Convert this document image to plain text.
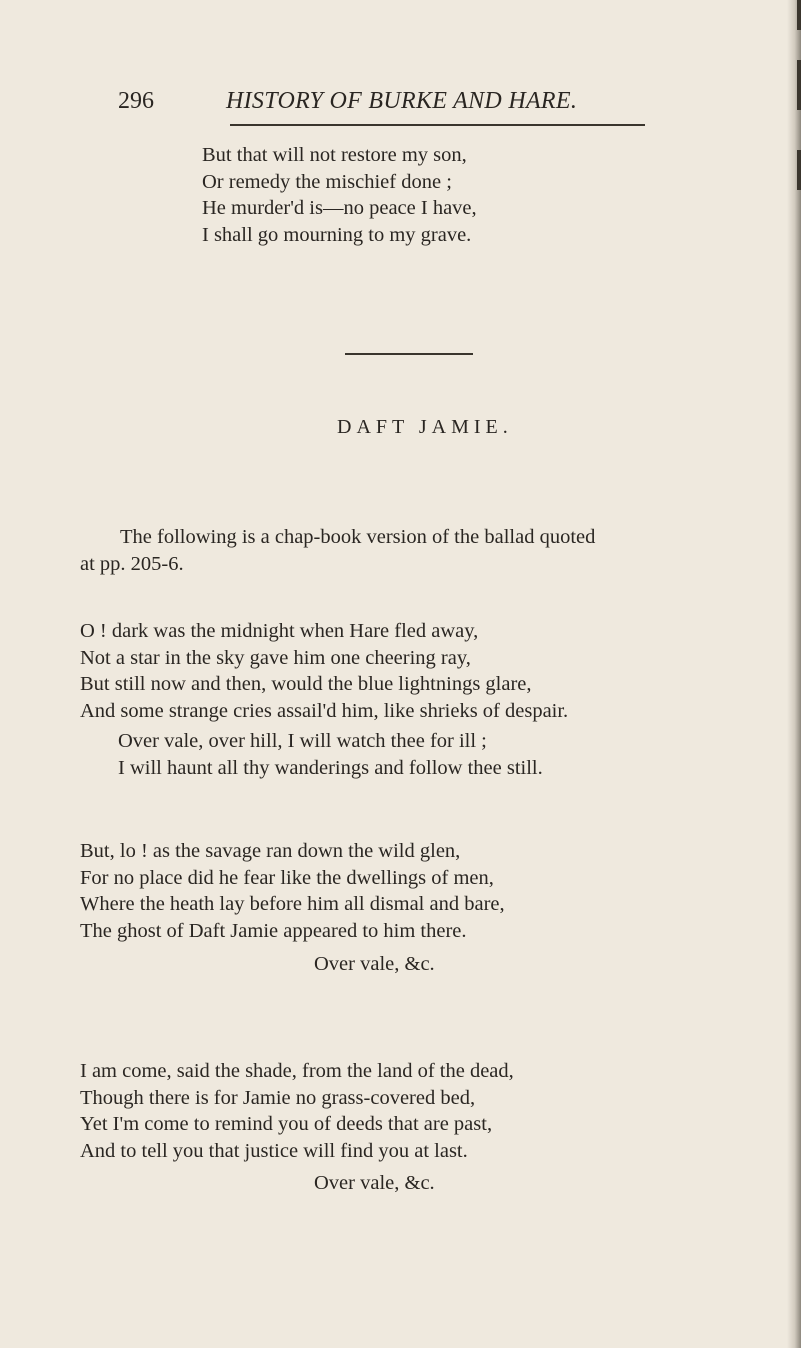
296	HISTORY OF BURKE AND HARE.
But that will not restore my son,
Or remedy the mischief done ;
He murder'd is—no peace I have,
I shall go mourning to my grave.
DAFT JAMIE.
The following is a chap-book version of the ballad quoted
at pp. 205-6.
O ! dark was the midnight when Hare fled away,
Not a star in the sky gave him one cheering ray,
But still now and then, would the blue lightnings glare,
And some strange cries assail'd him, like shrieks of despair.
Over vale, over hill, I will watch thee for ill ;
I will haunt all thy wanderings and follow thee still.
But, lo ! as the savage ran down the wild glen,
For no place did he fear like the dwellings of men,
Where the heath lay before him all dismal and bare,
The ghost of Daft Jamie appeared to him there.
Over vale, &c.
I am come, said the shade, from the land of the dead,
Though there is for Jamie no grass-covered bed,
Yet I'm come to remind you of deeds that are past,
And to tell you that justice will find you at last.
Over vale, &c.
